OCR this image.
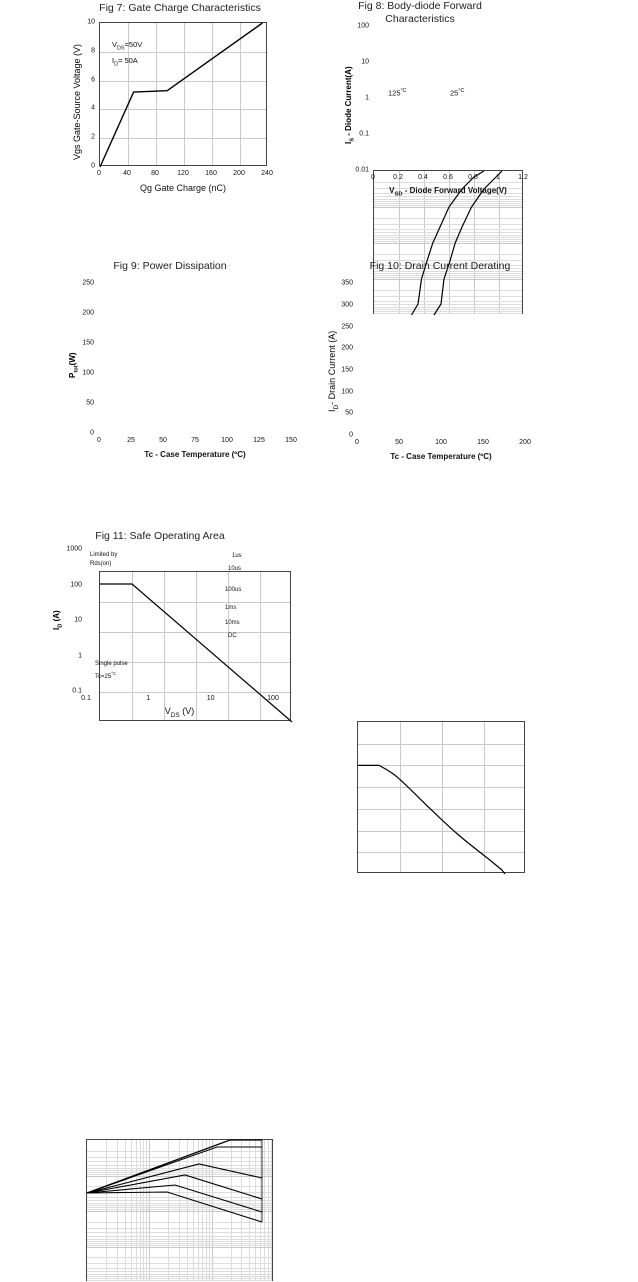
Fig 7: Gate Charge Characteristics
0	40	80	120 160 200 240
0
2
4
6
8
10
Qg Gate Charge (nC)
Vgs Gate-Source Voltage (V)	$V_{DS}=50V$
$I_D= 50A$
Fig 8: Body-diode Forward
Characteristics
0	0.2 0.4 0.6 0.8	1	1.2
0.01
0.1
1
10
100
$V_{SD}$ - Diode Forward Voltage(V)
$I_S$ - Diode Current(A)	$125^{^\circ C}$	$25^{^\circ C}$
Fig 9: Power Dissipation
0	25	50	75	100	125	150
0
50
100
150
200
250
Tc - Case Temperature (ºC)
$P_{tot}(W)$
Fig 10: Drain Current Derating
0	50	100	150	200
0
50
100
150
200
250
300
350
Tc - Case Temperature (ºC)
$I_D-$ Drain Current (A)
Fig 11: Safe Operating Area
0.1	1	10	100
0.1
1
10
100
1000
$V_{DS}$ (V)
$I_D$ (A)
Limited by
Rds(on)
Single pulse
$Tc=25^{^\circ C}$
1us
10us
100us
1ms
10ms
DC
